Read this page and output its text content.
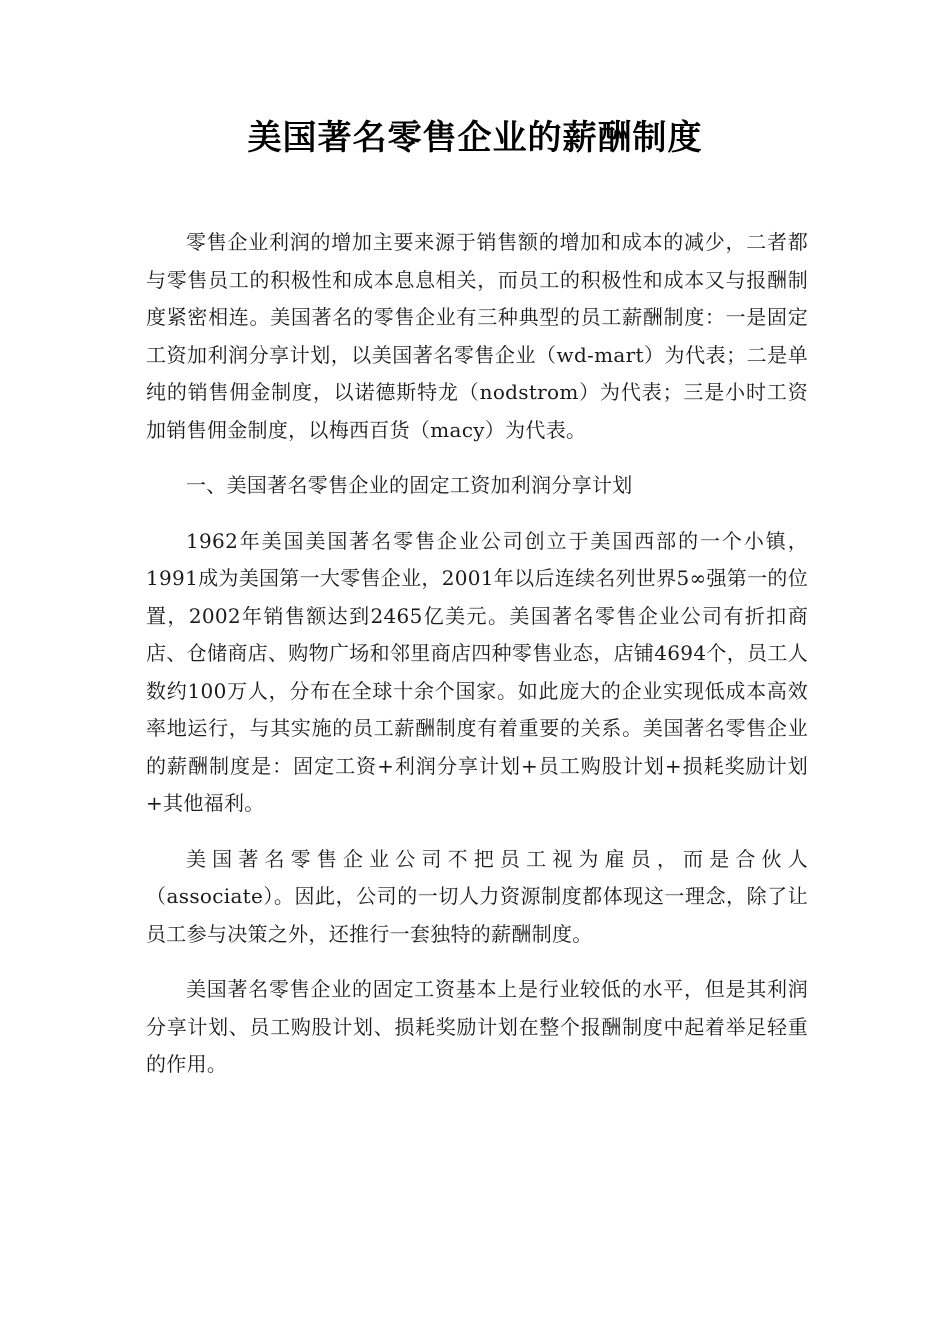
美国著名零售企业的薪酬制度

零售企业利润的增加主要来源于销售额的增加和成本的减少，二者都与零售员工的积极性和成本息息相关，而员工的积极性和成本又与报酬制度紧密相连。美国著名的零售企业有三种典型的员工薪酬制度：一是固定工资加利润分享计划，以美国著名零售企业（wd-mart）为代表；二是单纯的销售佣金制度，以诺德斯特龙（nodstrom）为代表；三是小时工资加销售佣金制度，以梅西百货（macy）为代表。

一、美国著名零售企业的固定工资加利润分享计划

1962年美国美国著名零售企业公司创立于美国西部的一个小镇，1991成为美国第一大零售企业，2001年以后连续名列世界5∞强第一的位置，2002年销售额达到2465亿美元。美国著名零售企业公司有折扣商店、仓储商店、购物广场和邻里商店四种零售业态，店铺4694个，员工人数约100万人，分布在全球十余个国家。如此庞大的企业实现低成本高效率地运行，与其实施的员工薪酬制度有着重要的关系。美国著名零售企业的薪酬制度是：固定工资+利润分享计划+员工购股计划+损耗奖励计划+其他福利。

美国著名零售企业公司不把员工视为雇员，而是合伙人（associate）。因此，公司的一切人力资源制度都体现这一理念，除了让员工参与决策之外，还推行一套独特的薪酬制度。

美国著名零售企业的固定工资基本上是行业较低的水平，但是其利润分享计划、员工购股计划、损耗奖励计划在整个报酬制度中起着举足轻重的作用。
